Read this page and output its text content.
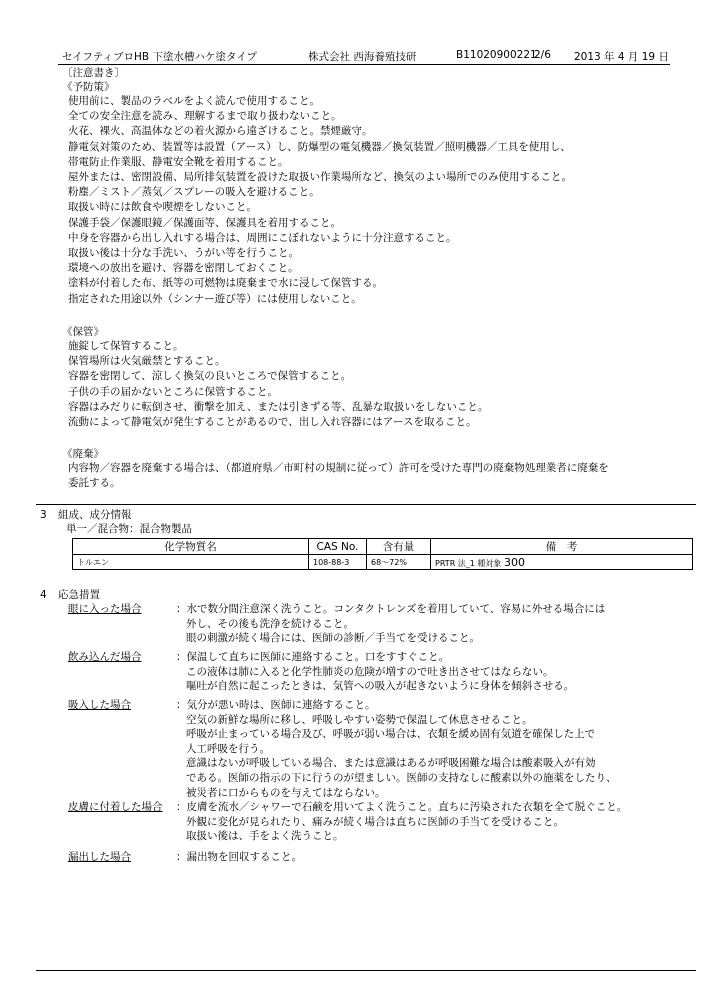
セイフティブロHB 下塗水槽ハケ塗タイプ	株式会社 西海養殖技研	B11020900221
2/6 2013 年 4 月 19 日
〔注意書き〕
《予防策》
使用前に、製品のラベルをよく読んで使用すること。
全ての安全注意を読み、理解するまで取り扱わないこと。
火花、裸火、高温体などの着火源から遠ざけること。禁煙厳守。
静電気対策のため、装置等は設置（アース）し、防爆型の電気機器／換気装置／照明機器／工具を使用し、
帯電防止作業服、静電安全靴を着用すること。
屋外または、密閉設備、局所排気装置を設けた取扱い作業場所など、換気のよい場所でのみ使用すること。
粉塵／ミスト／蒸気／スプレーの吸入を避けること。
取扱い時には飲食や喫煙をしないこと。
保護手袋／保護眼鏡／保護面等、保護具を着用すること。
中身を容器から出し入れする場合は、周囲にこぼれないように十分注意すること。
取扱い後は十分な手洗い、うがい等を行うこと。
環境への放出を避け、容器を密閉しておくこと。
塗料が付着した布、紙等の可燃物は廃棄まで水に浸して保管する。
指定された用途以外（シンナー遊び等）には使用しないこと。
《保管》
施錠して保管すること。
保管場所は火気厳禁とすること。
容器を密閉して、涼しく換気の良いところで保管すること。
子供の手の届かないところに保管すること。
容器はみだりに転倒させ、衝撃を加え、または引きずる等、乱暴な取扱いをしないこと。
流動によって静電気が発生することがあるので、出し入れ容器にはアースを取ること。
《廃棄》
内容物／容器を廃棄する場合は、（都道府県／市町村の規制に従って）許可を受けた専門の廃棄物処理業者に廃棄を
委託する。
3 組成、成分情報
単一／混合物：混合物製品
化学物質名	CAS No.	含有量	備　考
トルエン	108-88-3	68～72%	PRTR 法_1 種対象 300
4 応急措置
眼に入った場合	：水で数分間注意深く洗うこと。コンタクトレンズを着用していて、容易に外せる場合には
外し、その後も洗浄を続けること。
眼の刺激が続く場合には、医師の診断／手当てを受けること。
飲み込んだ場合	：保温して直ちに医師に連絡すること。口をすすぐこと。
この液体は肺に入ると化学性肺炎の危険が増すので吐き出させてはならない。
嘔吐が自然に起こったときは、気管への吸入が起きないように身体を傾斜させる。
吸入した場合	：気分が悪い時は、医師に連絡すること。
空気の新鮮な場所に移し、呼吸しやすい姿勢で保温して休息させること。
呼吸が止まっている場合及び、呼吸が弱い場合は、衣類を緩め固有気道を確保した上で
人工呼吸を行う。
意識はないが呼吸している場合、または意識はあるが呼吸困難な場合は酸素吸入が有効
である。医師の指示の下に行うのが望ましい。医師の支持なしに酸素以外の施薬をしたり、
被災者に口からものを与えてはならない。
皮膚に付着した場合 ：皮膚を流水／シャワーで石鹸を用いてよく洗うこと。直ちに汚染された衣類を全て脱ぐこと。
外観に変化が見られたり、痛みが続く場合は直ちに医師の手当てを受けること。
取扱い後は、手をよく洗うこと。
漏出した場合	：漏出物を回収すること。
